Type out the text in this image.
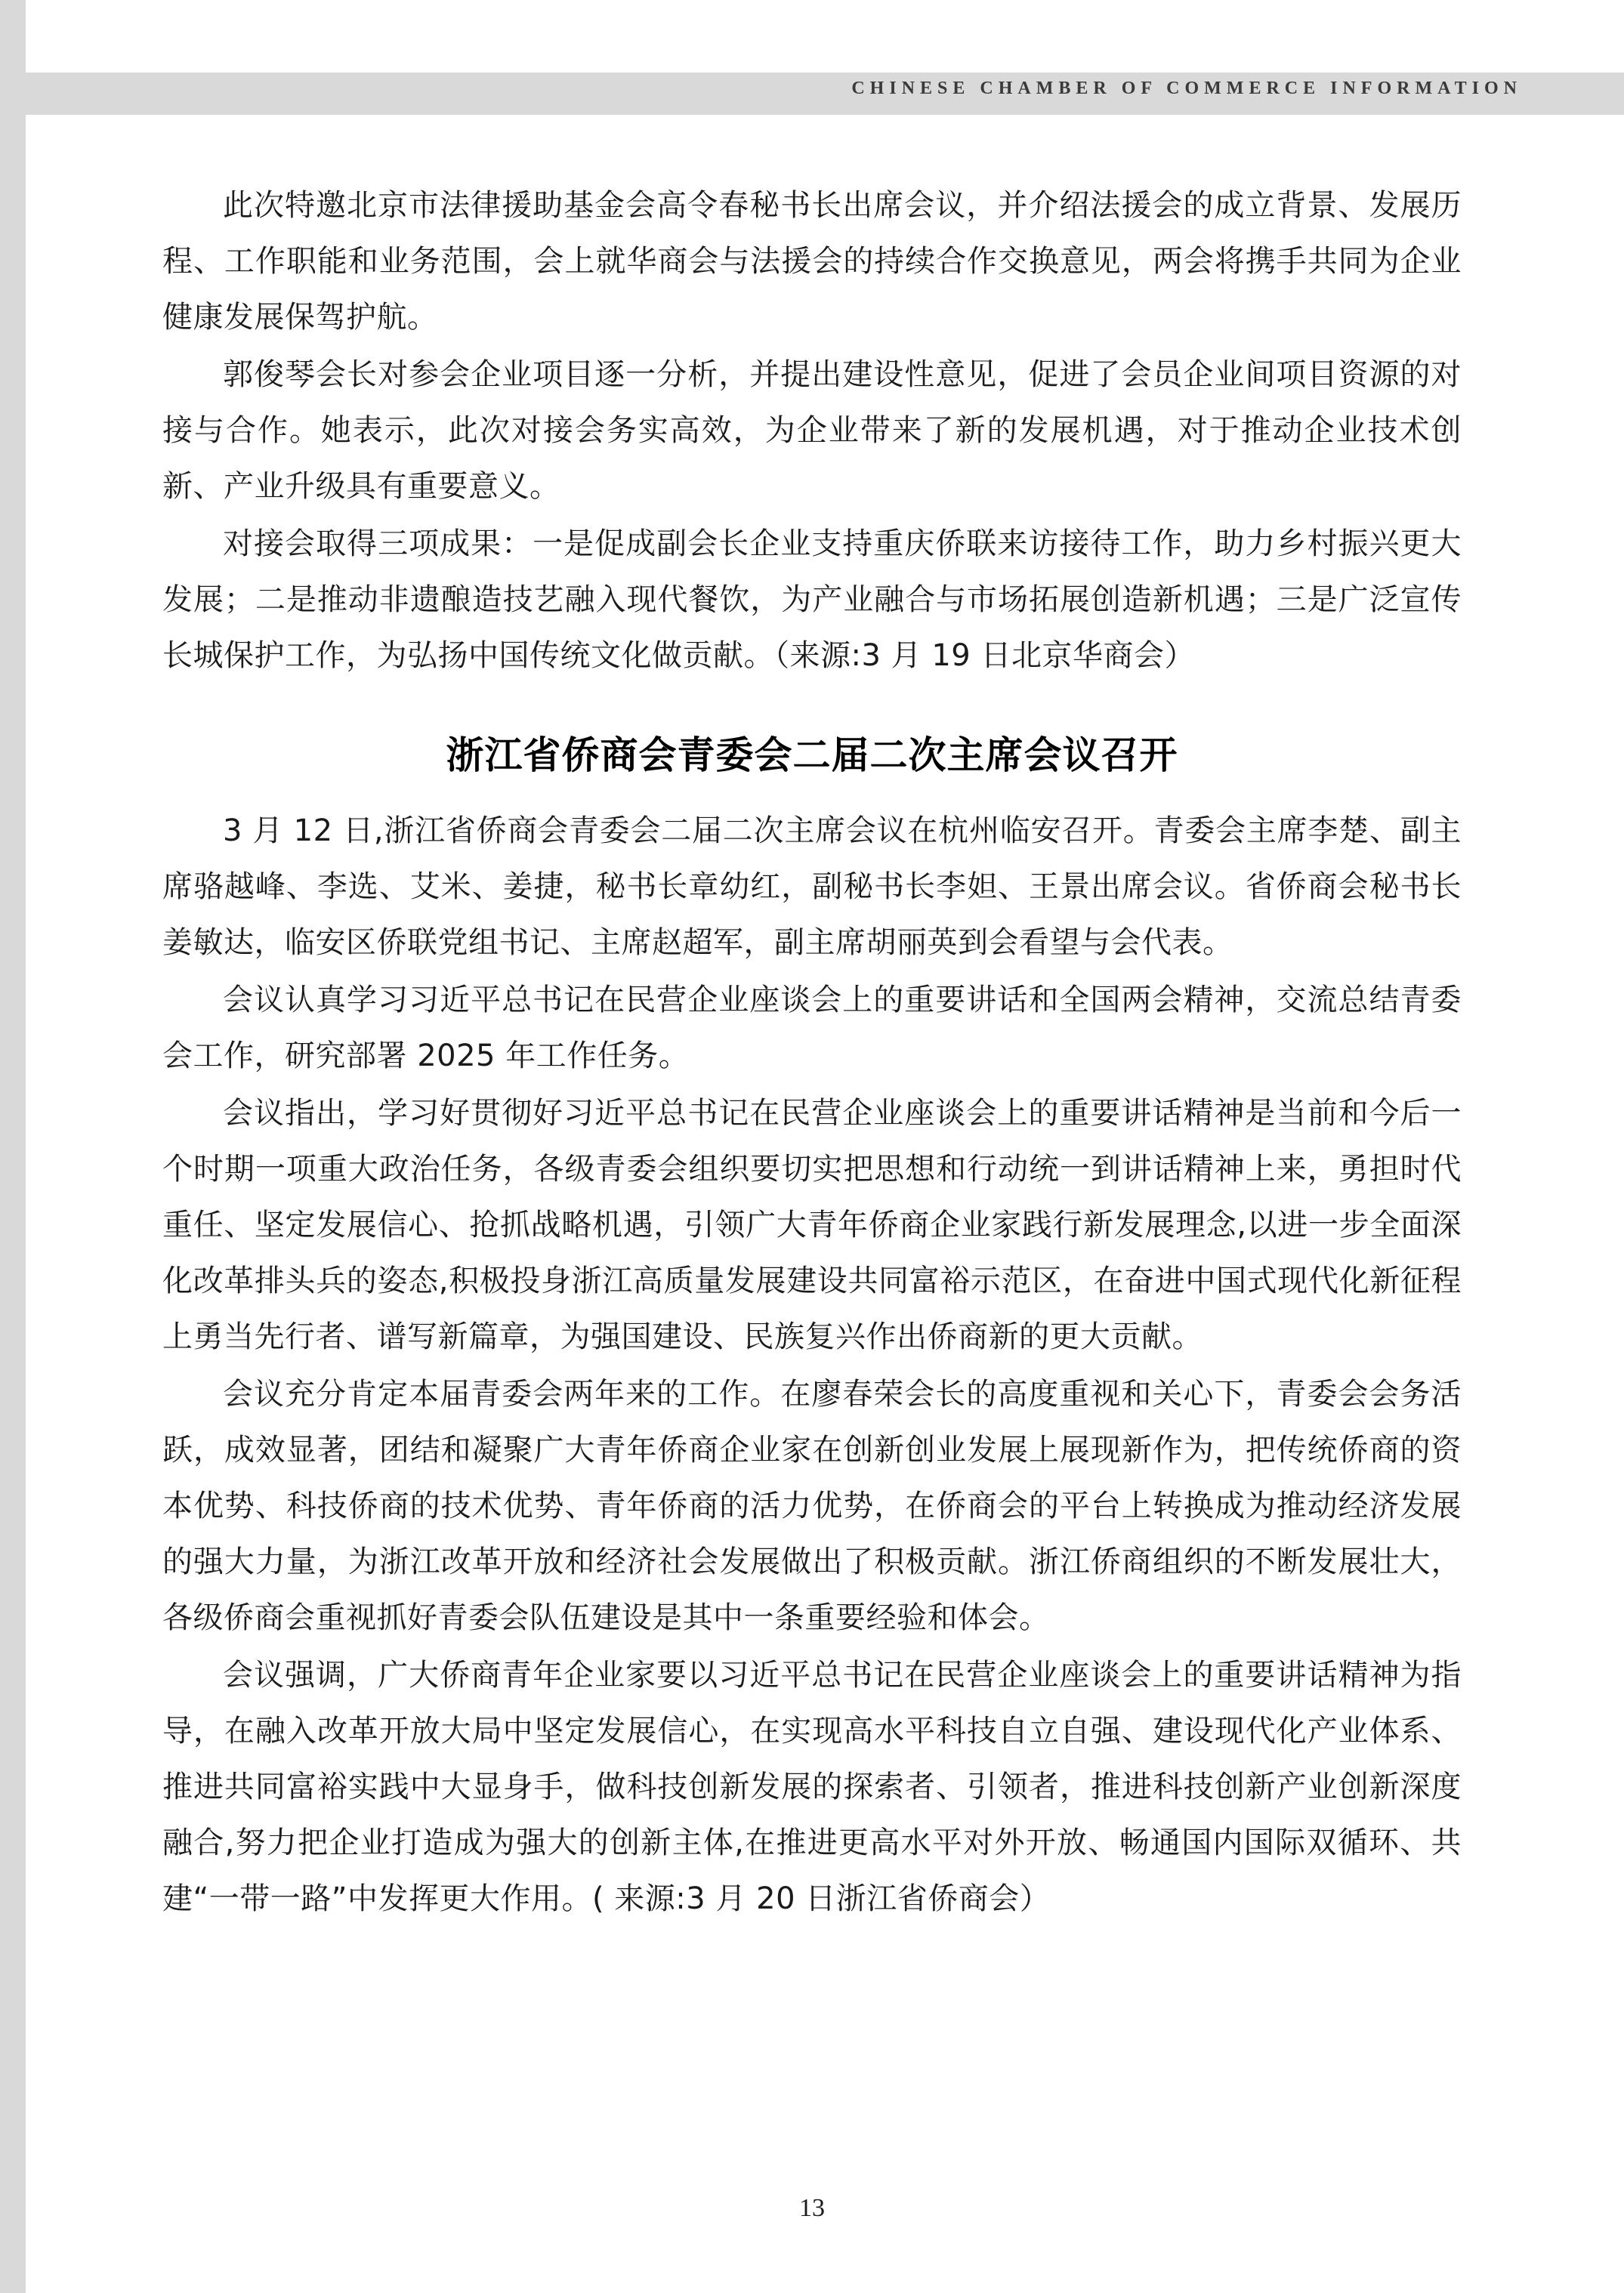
CHINESE CHAMBER OF COMMERCE INFORMATION

此次特邀北京市法律援助基金会高令春秘书长出席会议，并介绍法援会的成立背景、发展历程、工作职能和业务范围，会上就华商会与法援会的持续合作交换意见，两会将携手共同为企业健康发展保驾护航。

郭俊琴会长对参会企业项目逐一分析，并提出建设性意见，促进了会员企业间项目资源的对接与合作。她表示，此次对接会务实高效，为企业带来了新的发展机遇，对于推动企业技术创新、产业升级具有重要意义。

对接会取得三项成果：一是促成副会长企业支持重庆侨联来访接待工作，助力乡村振兴更大发展；二是推动非遗酿造技艺融入现代餐饮，为产业融合与市场拓展创造新机遇；三是广泛宣传长城保护工作，为弘扬中国传统文化做贡献。（来源:3 月 19 日北京华商会）

浙江省侨商会青委会二届二次主席会议召开

3 月 12 日,浙江省侨商会青委会二届二次主席会议在杭州临安召开。青委会主席李楚、副主席骆越峰、李选、艾米、姜捷，秘书长章幼红，副秘书长李妲、王景出席会议。省侨商会秘书长姜敏达，临安区侨联党组书记、主席赵超军，副主席胡丽英到会看望与会代表。

会议认真学习习近平总书记在民营企业座谈会上的重要讲话和全国两会精神，交流总结青委会工作，研究部署 2025 年工作任务。

会议指出，学习好贯彻好习近平总书记在民营企业座谈会上的重要讲话精神是当前和今后一个时期一项重大政治任务，各级青委会组织要切实把思想和行动统一到讲话精神上来，勇担时代重任、坚定发展信心、抢抓战略机遇，引领广大青年侨商企业家践行新发展理念,以进一步全面深化改革排头兵的姿态,积极投身浙江高质量发展建设共同富裕示范区，在奋进中国式现代化新征程上勇当先行者、谱写新篇章，为强国建设、民族复兴作出侨商新的更大贡献。

会议充分肯定本届青委会两年来的工作。在廖春荣会长的高度重视和关心下，青委会会务活跃，成效显著，团结和凝聚广大青年侨商企业家在创新创业发展上展现新作为，把传统侨商的资本优势、科技侨商的技术优势、青年侨商的活力优势，在侨商会的平台上转换成为推动经济发展的强大力量，为浙江改革开放和经济社会发展做出了积极贡献。浙江侨商组织的不断发展壮大，各级侨商会重视抓好青委会队伍建设是其中一条重要经验和体会。

会议强调，广大侨商青年企业家要以习近平总书记在民营企业座谈会上的重要讲话精神为指导，在融入改革开放大局中坚定发展信心，在实现高水平科技自立自强、建设现代化产业体系、推进共同富裕实践中大显身手，做科技创新发展的探索者、引领者，推进科技创新产业创新深度融合,努力把企业打造成为强大的创新主体,在推进更高水平对外开放、畅通国内国际双循环、共建“一带一路”中发挥更大作用。( 来源:3 月 20 日浙江省侨商会）

13
